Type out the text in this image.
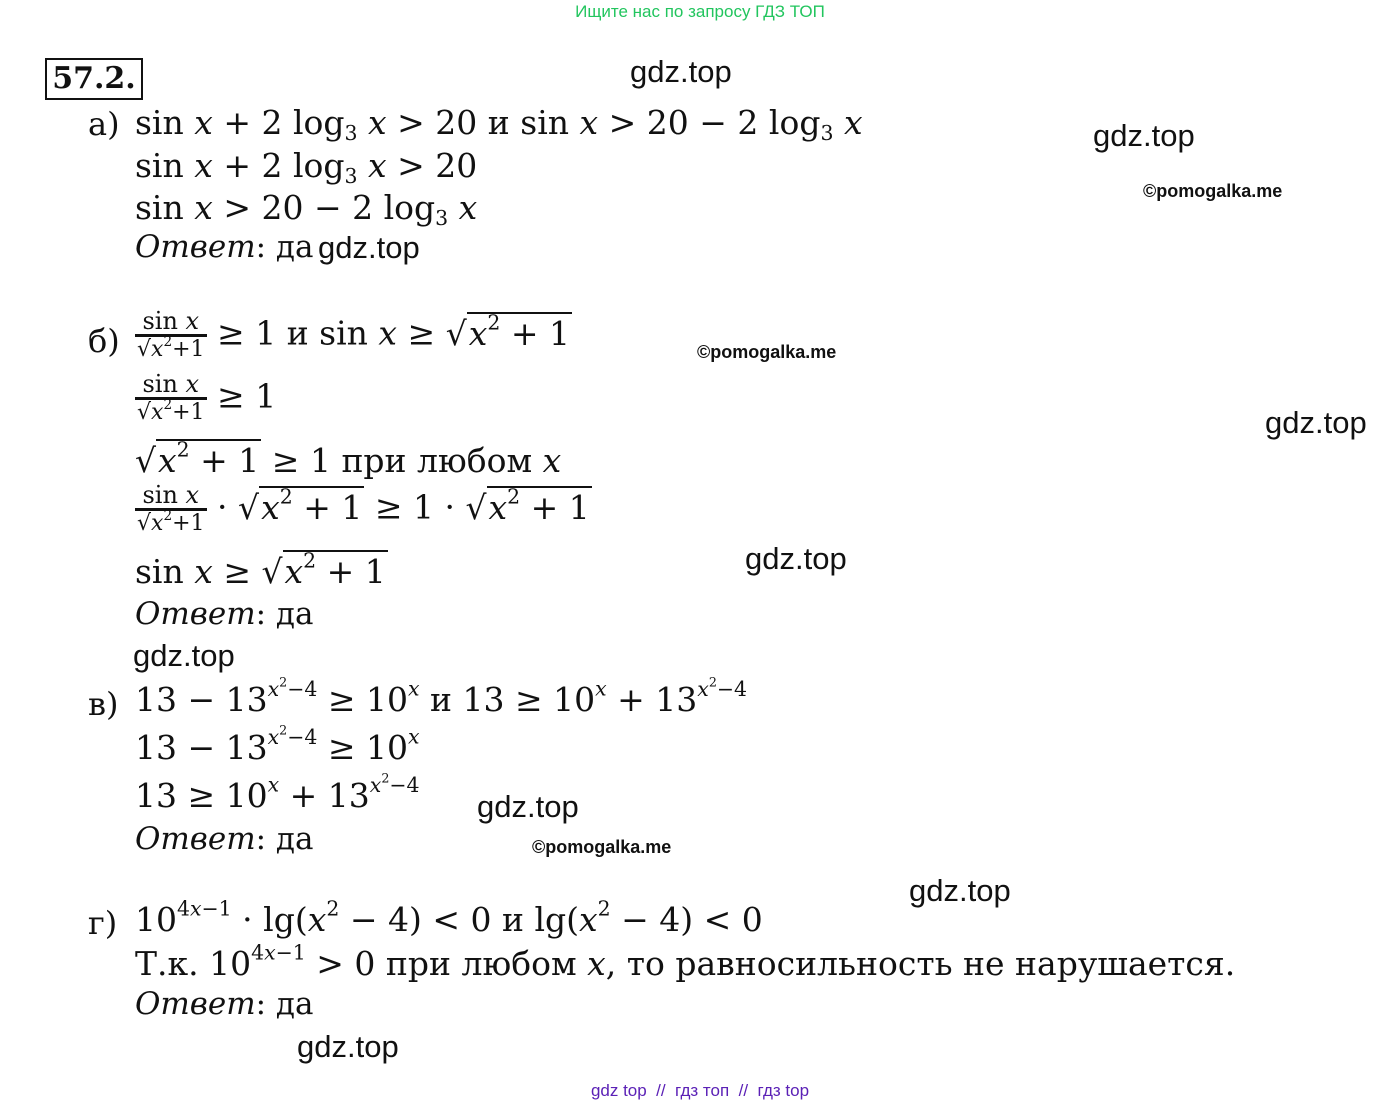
Ищите нас по запросу ГДЗ ТОП
57.2.	gdz.top
gdz.top
©pomogalka.me
gdz.top
©pomogalka.me
gdz.top
gdz.top
gdz.top
gdz.top
©pomogalka.me
gdz.top
gdz.top
а) sin x + 2 $\log_3 x > 20$ и sin x > 20 − 2 $\log_3 x$
sin x + 2 $\log_3 x > 20$
sin x > 20 − 2 $\log_3 x$
Ответ: да
$б) \frac{\text{sin x}}{√x^2+1} \ge 1$ и $\sin x \ge √x^2 + 1$
$\frac{\text{sin x}}{√x^2+1} \ge 1$
$√x^2 + 1 \ge 1$ при любом x
$\frac{\text{sin x}}{√x^2+1} \cdot √x^2 + 1 \ge 1 \cdot √x^2 + 1$
$\sin x \ge √x^2 + 1$
Ответ: да
в) $13 - 13^{x^2-4} \ge 10^x$ и $13 \ge 10^x + 13^{x^2-4}$
$13 - 13^{x^2-4} \ge 10^x$
$13 \ge 10^x + 13^{x^2-4}$
Ответ: да
г) $10^{4x-1} \cdot \lg(x^2 - 4) < 0$ и $\lg(x^2 - 4) < 0$
Т.к. $10^{4x-1} > 0$ при любом x, то равносильность не нарушается.
Ответ: да
gdz top  //  гдз топ  //  гдз top
